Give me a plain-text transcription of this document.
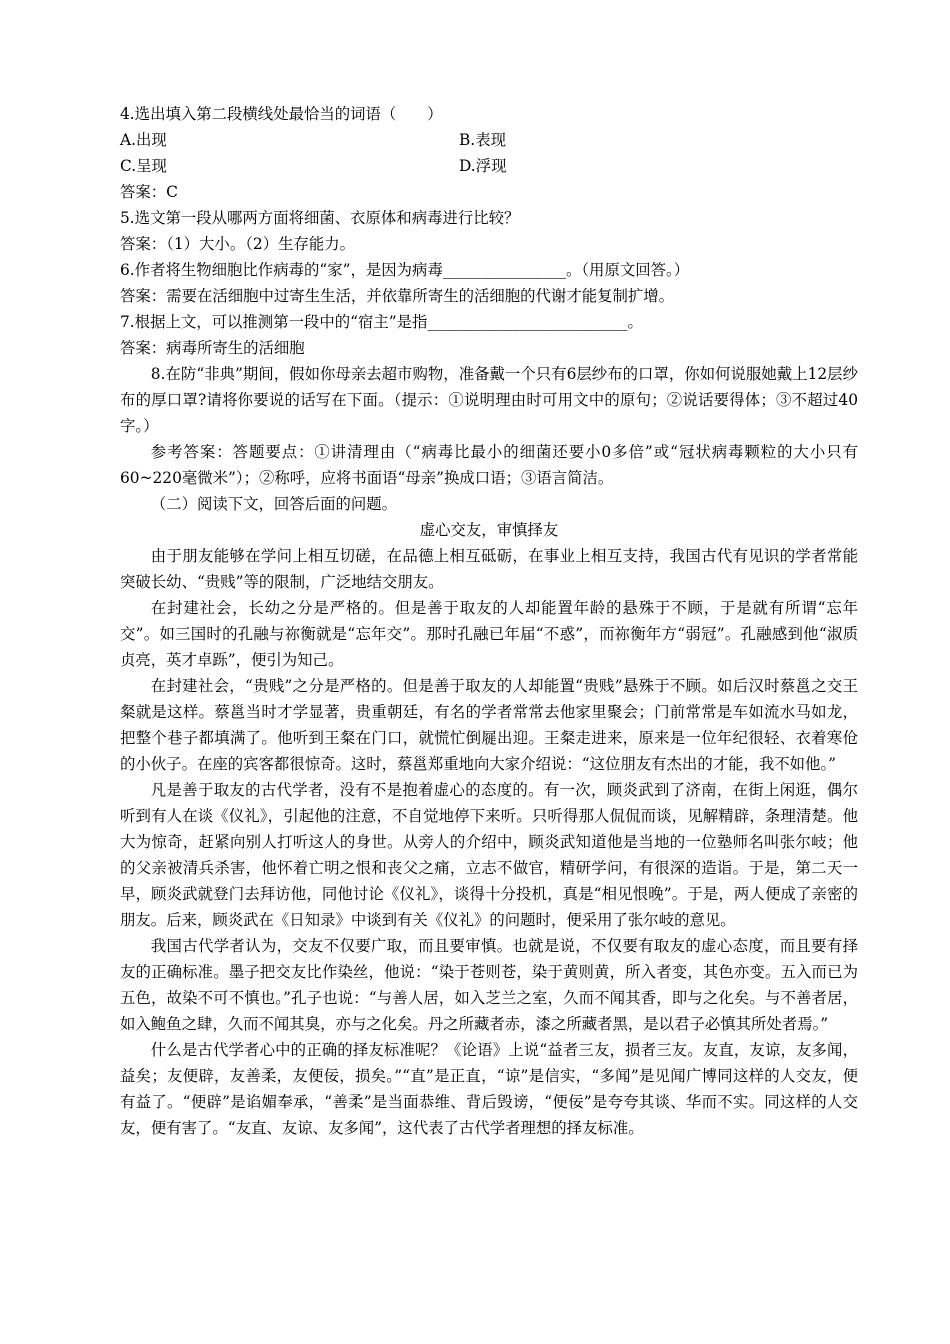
4.选出填入第二段横线处最恰当的词语（　　）

A.出现	B.表现
C.呈现	D.浮现

答案：C

5.选文第一段从哪两方面将细菌、衣原体和病毒进行比较？

答案：（1）大小。（2）生存能力。

6.作者将生物细胞比作病毒的“家”，是因为病毒________________。（用原文回答。）

答案：需要在活细胞中过寄生生活，并依靠所寄生的活细胞的代谢才能复制扩增。

7.根据上文，可以推测第一段中的“宿主”是指__________________________。

答案：病毒所寄生的活细胞

8.在防“非典”期间，假如你母亲去超市购物，准备戴一个只有6层纱布的口罩，你如何说服她戴上12层纱布的厚口罩?请将你要说的话写在下面。（提示：①说明理由时可用文中的原句；②说话要得体；③不超过40字。）

参考答案：答题要点：①讲清理由（“病毒比最小的细菌还要小0多倍”或“冠状病毒颗粒的大小只有60~220毫微米”）；②称呼，应将书面语“母亲”换成口语；③语言简洁。

（二）阅读下文，回答后面的问题。

虚心交友，审慎择友

由于朋友能够在学问上相互切磋，在品德上相互砥砺，在事业上相互支持，我国古代有见识的学者常能突破长幼、“贵贱”等的限制，广泛地结交朋友。

在封建社会，长幼之分是严格的。但是善于取友的人却能置年龄的悬殊于不顾，于是就有所谓“忘年交”。如三国时的孔融与祢衡就是“忘年交”。那时孔融已年届“不惑”，而祢衡年方“弱冠”。孔融感到他“淑质贞亮，英才卓跞”，便引为知己。

在封建社会，“贵贱”之分是严格的。但是善于取友的人却能置“贵贱”悬殊于不顾。如后汉时蔡邕之交王粲就是这样。蔡邕当时才学显著，贵重朝廷，有名的学者常常去他家里聚会；门前常常是车如流水马如龙，把整个巷子都填满了。他听到王粲在门口，就慌忙倒屣出迎。王粲走进来，原来是一位年纪很轻、衣着寒伧的小伙子。在座的宾客都很惊奇。这时，蔡邕郑重地向大家介绍说：“这位朋友有杰出的才能，我不如他。”

凡是善于取友的古代学者，没有不是抱着虚心的态度的。有一次，顾炎武到了济南，在街上闲逛，偶尔听到有人在谈《仪礼》，引起他的注意，不自觉地停下来听。只听得那人侃侃而谈，见解精辟，条理清楚。他大为惊奇，赶紧向别人打听这人的身世。从旁人的介绍中，顾炎武知道他是当地的一位塾师名叫张尔岐；他的父亲被清兵杀害，他怀着亡明之恨和丧父之痛，立志不做官，精研学问，有很深的造诣。于是，第二天一早，顾炎武就登门去拜访他，同他讨论《仪礼》，谈得十分投机，真是“相见恨晚”。于是，两人便成了亲密的朋友。后来，顾炎武在《日知录》中谈到有关《仪礼》的问题时，便采用了张尔岐的意见。

我国古代学者认为，交友不仅要广取，而且要审慎。也就是说，不仅要有取友的虚心态度，而且要有择友的正确标准。墨子把交友比作染丝，他说：“染于苍则苍，染于黄则黄，所入者变，其色亦变。五入而已为五色，故染不可不慎也。”孔子也说：“与善人居，如入芝兰之室，久而不闻其香，即与之化矣。与不善者居，如入鲍鱼之肆，久而不闻其臭，亦与之化矣。丹之所藏者赤，漆之所藏者黑，是以君子必慎其所处者焉。”

什么是古代学者心中的正确的择友标准呢？《论语》上说“益者三友，损者三友。友直，友谅，友多闻，益矣；友便辟，友善柔，友便佞，损矣。”“直”是正直，“谅”是信实，“多闻”是见闻广博同这样的人交友，便有益了。“便辟”是谄媚奉承，“善柔”是当面恭维、背后毁谤，“便佞”是夸夸其谈、华而不实。同这样的人交友，便有害了。“友直、友谅、友多闻”，这代表了古代学者理想的择友标准。
